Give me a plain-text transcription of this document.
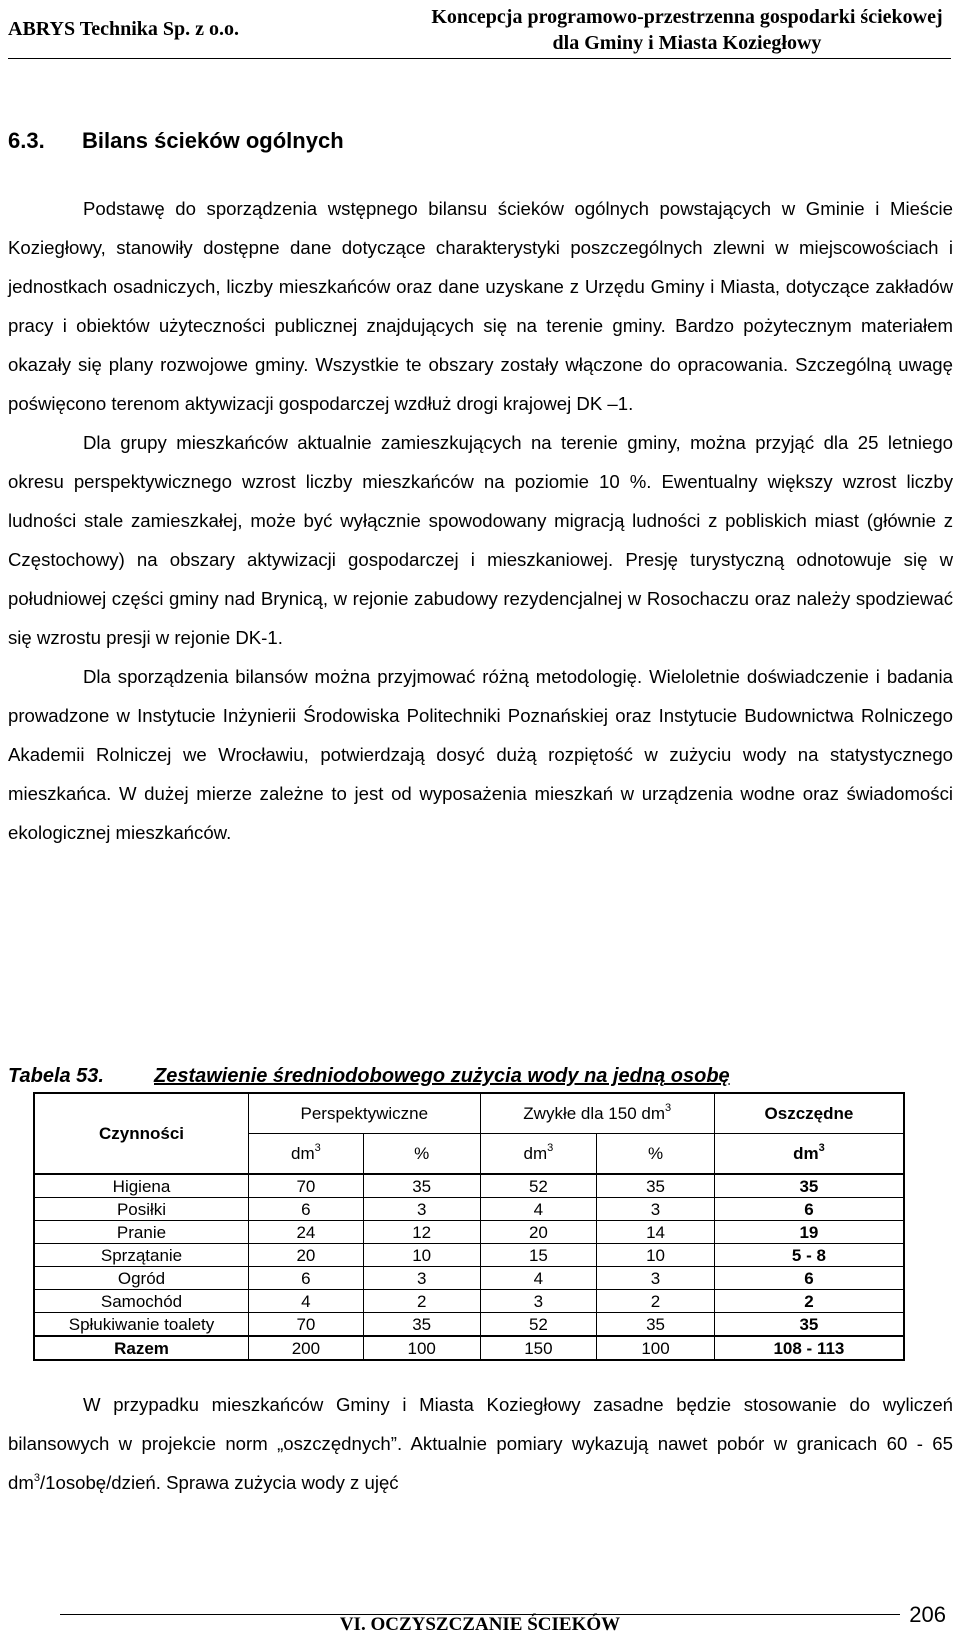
ABRYS Technika Sp. z o.o.
Koncepcja programowo-przestrzenna gospodarki ściekowej
dla Gminy i Miasta Koziegłowy
6.3. Bilans ścieków ogólnych

Podstawę do sporządzenia wstępnego bilansu ścieków ogólnych powstających w Gminie i Mieście Koziegłowy, stanowiły dostępne dane dotyczące charakterystyki poszczególnych zlewni w miejscowościach i jednostkach osadniczych, liczby mieszkańców oraz dane uzyskane z Urzędu Gminy i Miasta, dotyczące zakładów pracy i obiektów użyteczności publicznej znajdujących się na terenie gminy. Bardzo pożytecznym materiałem okazały się plany rozwojowe gminy. Wszystkie te obszary zostały włączone do opracowania. Szczególną uwagę poświęcono terenom aktywizacji gospodarczej wzdłuż drogi krajowej DK –1.

Dla grupy mieszkańców aktualnie zamieszkujących na terenie gminy, można przyjąć dla 25 letniego okresu perspektywicznego wzrost liczby mieszkańców na poziomie 10 %. Ewentualny większy wzrost liczby ludności stale zamieszkałej, może być wyłącznie spowodowany migracją ludności z pobliskich miast (głównie z Częstochowy) na obszary aktywizacji gospodarczej i mieszkaniowej. Presję turystyczną odnotowuje się w południowej części gminy nad Brynicą, w rejonie zabudowy rezydencjalnej w Rosochaczu oraz należy spodziewać się wzrostu presji w rejonie DK-1.

Dla sporządzenia bilansów można przyjmować różną metodologię. Wieloletnie doświadczenie i badania prowadzone w Instytucie Inżynierii Środowiska Politechniki Poznańskiej oraz Instytucie Budownictwa Rolniczego Akademii Rolniczej we Wrocławiu, potwierdzają dosyć dużą rozpiętość w zużyciu wody na statystycznego mieszkańca. W dużej mierze zależne to jest od wyposażenia mieszkań w urządzenia wodne oraz świadomości ekologicznej mieszkańców.

Tabela 53.	Zestawienie średniodobowego zużycia wody na jedną osobę
Czynności	Perspektywiczne		Zwykłe dla 150 $dm^3$		Oszczędne
	$dm^3$	%	$dm^3$	%	$dm^3$
Higiena	70	35	52	35	35
Posiłki	6	3	4	3	6
Pranie	24	12	20	14	19
Sprzątanie	20	10	15	10	5 - 8
Ogród	6	3	4	3	6
Samochód	4	2	3	2	2
Spłukiwanie toalety	70	35	52	35	35
Razem	200	100	150	100	108 - 113

W przypadku mieszkańców Gminy i Miasta Koziegłowy zasadne będzie stosowanie do wyliczeń bilansowych w projekcie norm „oszczędnych”. Aktualnie pomiary wykazują nawet pobór w granicach 60 - 65 $dm^3/1osobę$/dzień. Sprawa zużycia wody z ujęć

VI. OCZYSZCZANIE ŚCIEKÓW	206
